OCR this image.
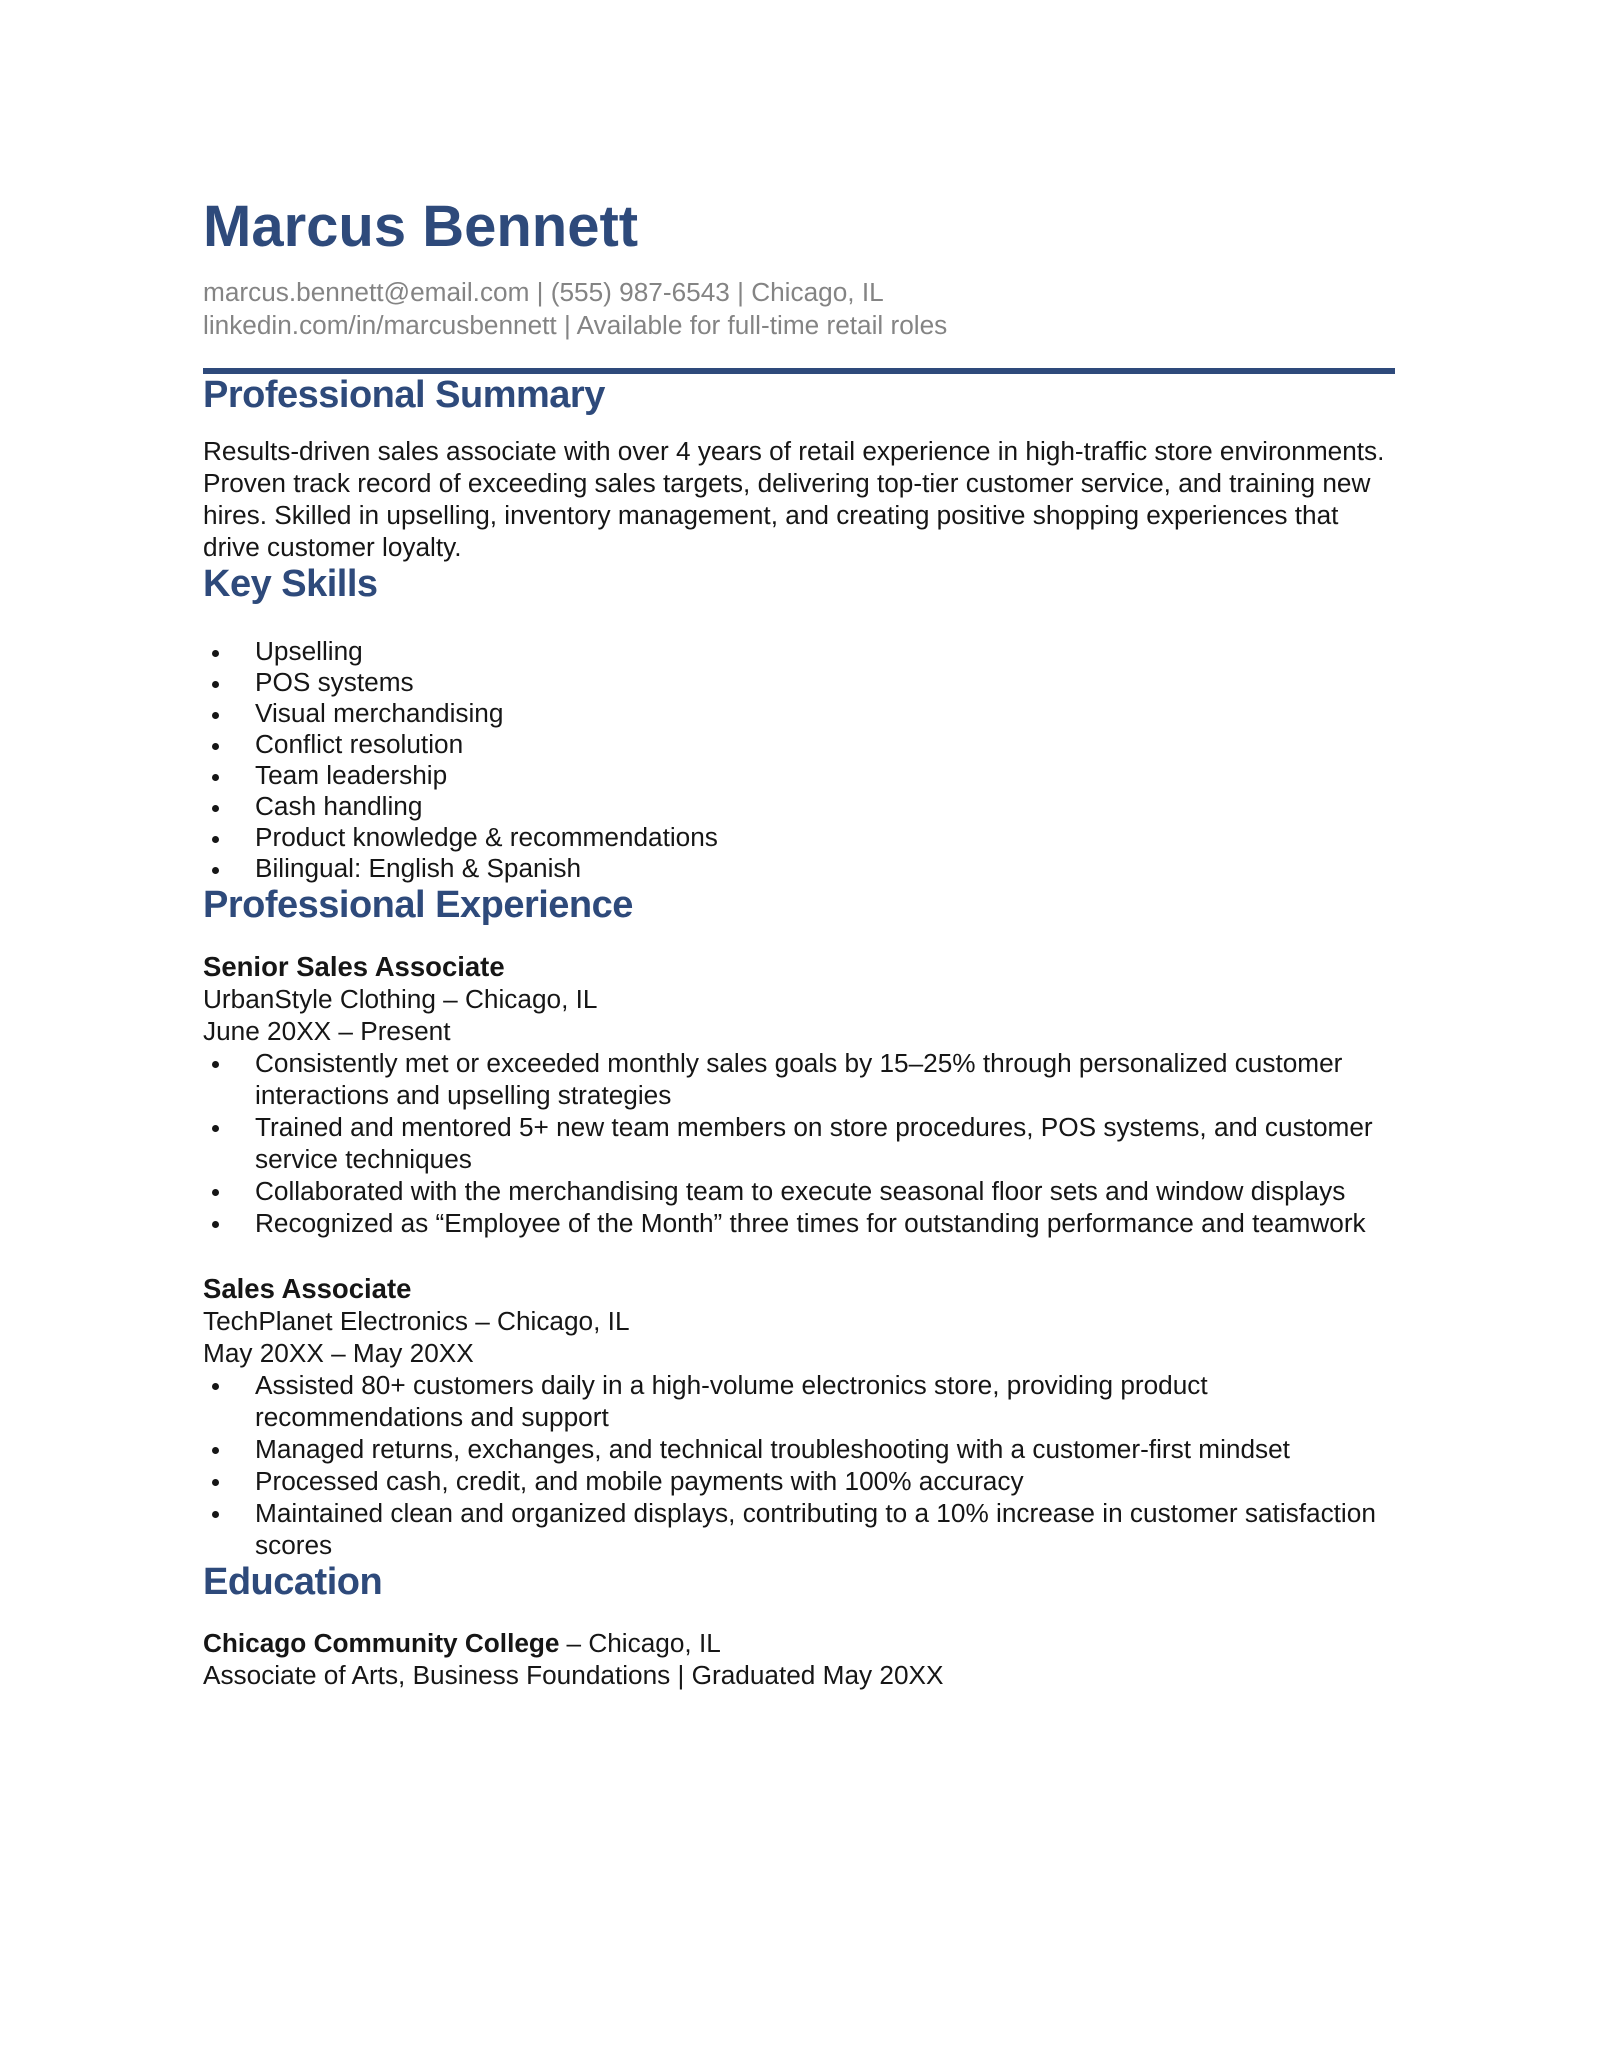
Marcus Bennett
marcus.bennett@email.com | (555) 987-6543 | Chicago, IL
linkedin.com/in/marcusbennett | Available for full-time retail roles
Professional Summary

Results-driven sales associate with over 4 years of retail experience in high-traffic store environments. Proven track record of exceeding sales targets, delivering top-tier customer service, and training new hires. Skilled in upselling, inventory management, and creating positive shopping experiences that drive customer loyalty.

Key Skills
Upselling
POS systems
Visual merchandising
Conflict resolution
Team leadership
Cash handling
Product knowledge & recommendations
Bilingual: English & Spanish
Professional Experience
Senior Sales Associate
UrbanStyle Clothing – Chicago, IL
June 20XX – Present
Consistently met or exceeded monthly sales goals by 15–25% through personalized customer interactions and upselling strategies
Trained and mentored 5+ new team members on store procedures, POS systems, and customer service techniques
Collaborated with the merchandising team to execute seasonal floor sets and window displays
Recognized as “Employee of the Month” three times for outstanding performance and teamwork
Sales Associate
TechPlanet Electronics – Chicago, IL
May 20XX – May 20XX
Assisted 80+ customers daily in a high-volume electronics store, providing product recommendations and support
Managed returns, exchanges, and technical troubleshooting with a customer-first mindset
Processed cash, credit, and mobile payments with 100% accuracy
Maintained clean and organized displays, contributing to a 10% increase in customer satisfaction scores
Education
Chicago Community College – Chicago, IL
Associate of Arts, Business Foundations | Graduated May 20XX
